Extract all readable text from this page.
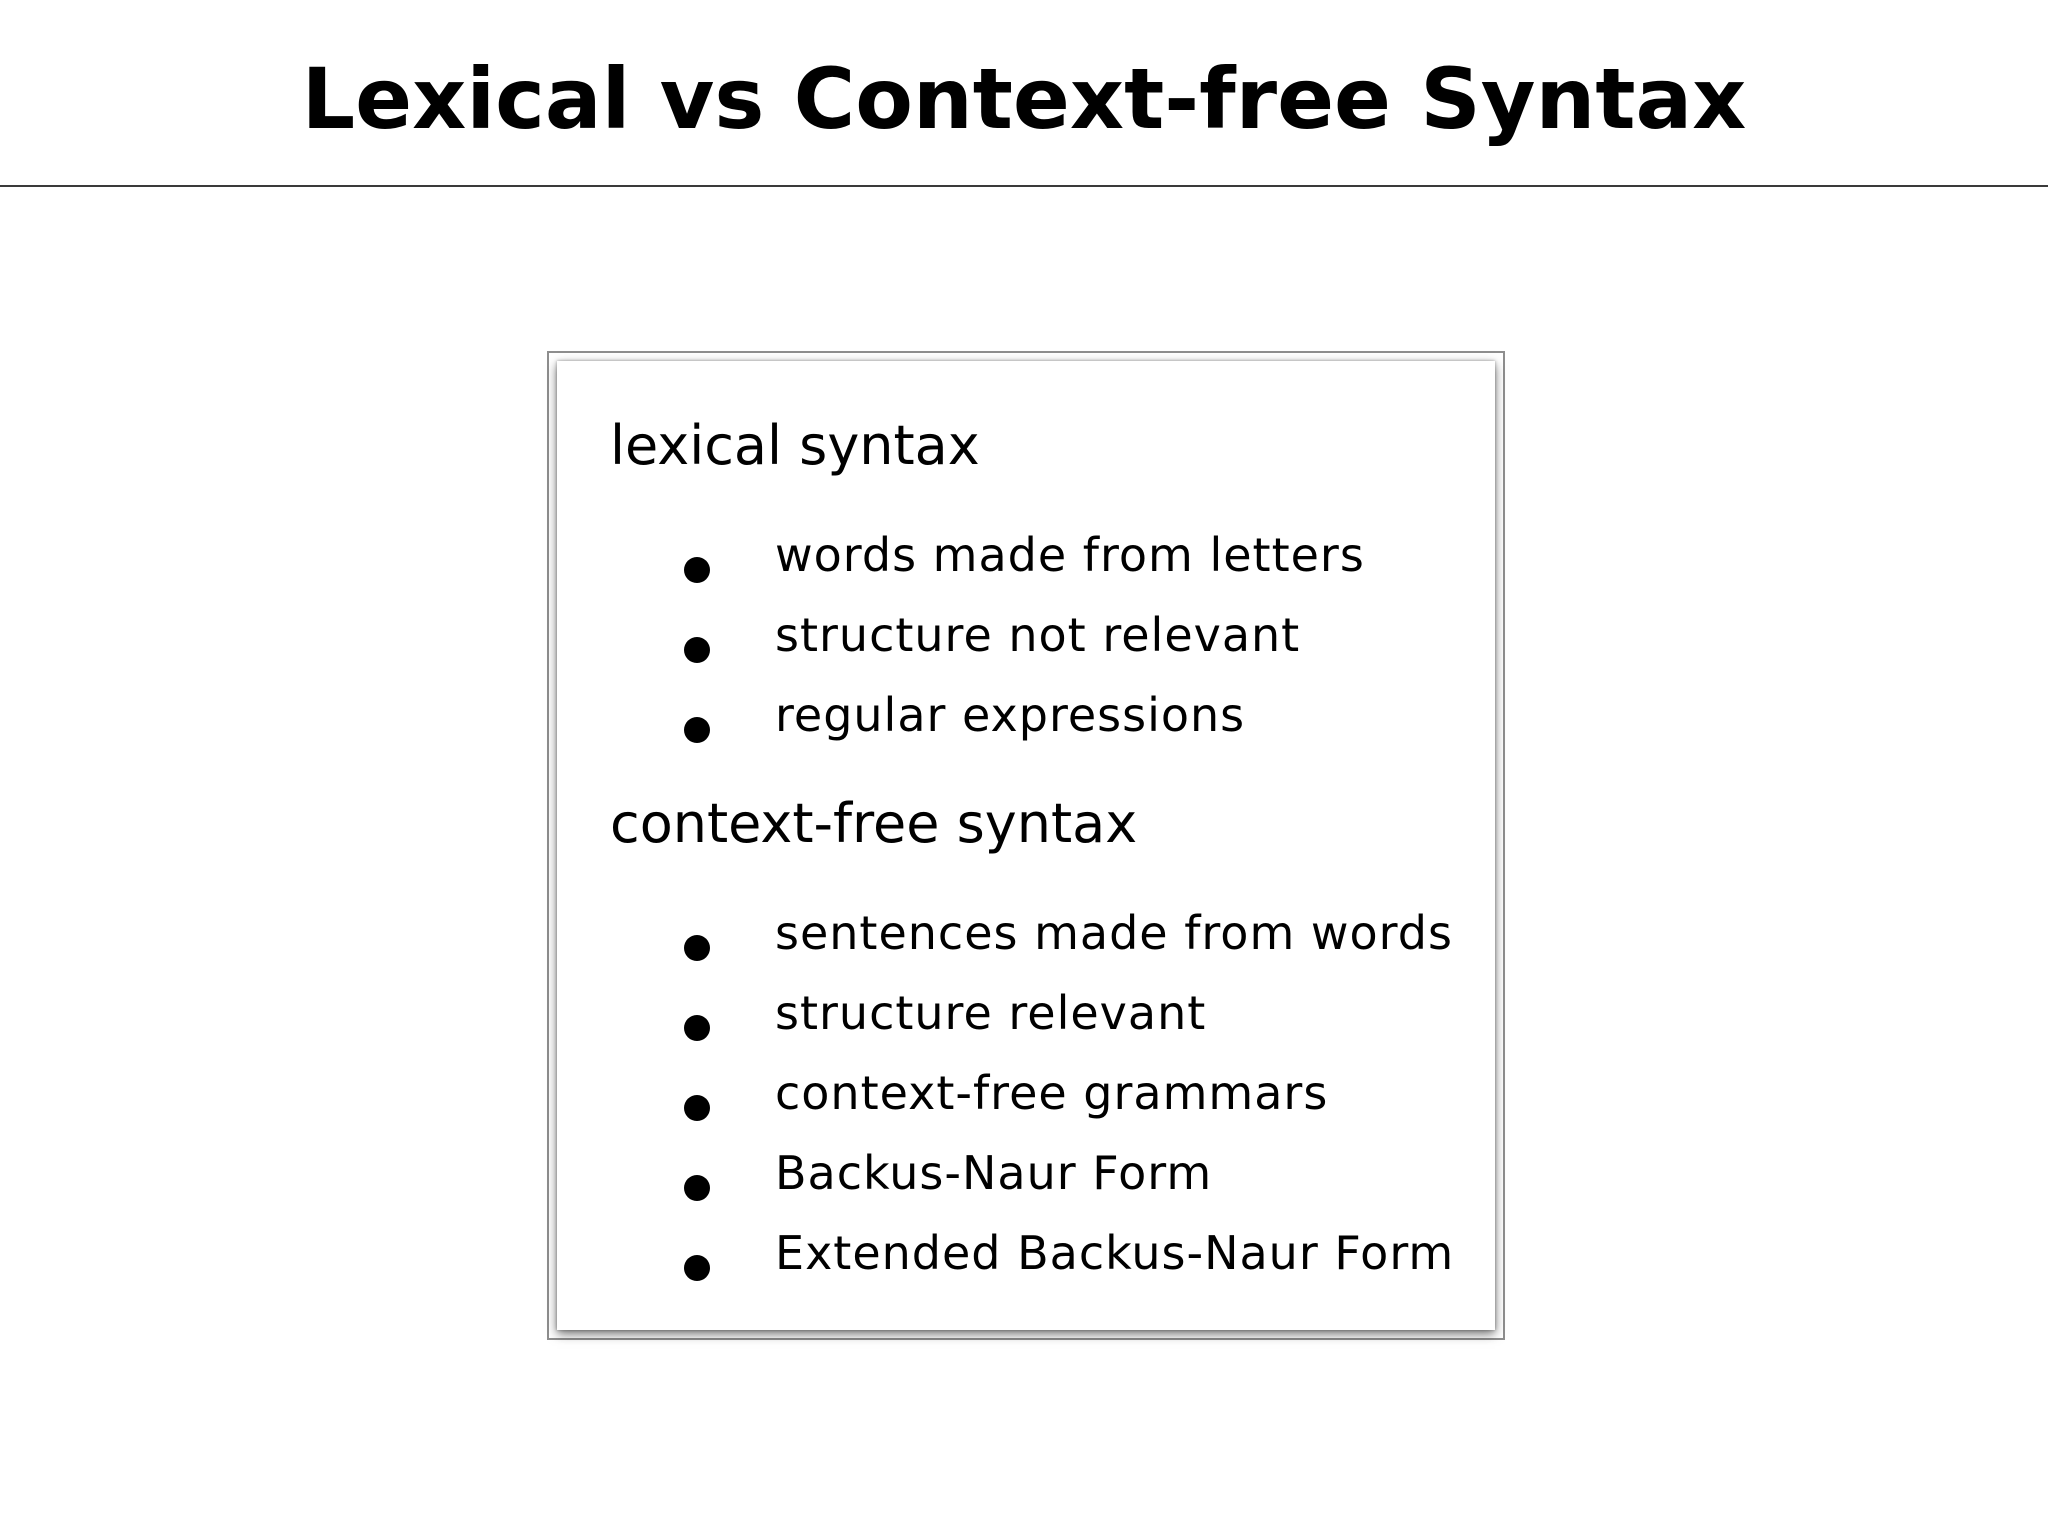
Lexical vs Context-free Syntax
lexical syntax
words made from letters
structure not relevant
regular expressions
context-free syntax
sentences made from words
structure relevant
context-free grammars
Backus-Naur Form
Extended Backus-Naur Form
